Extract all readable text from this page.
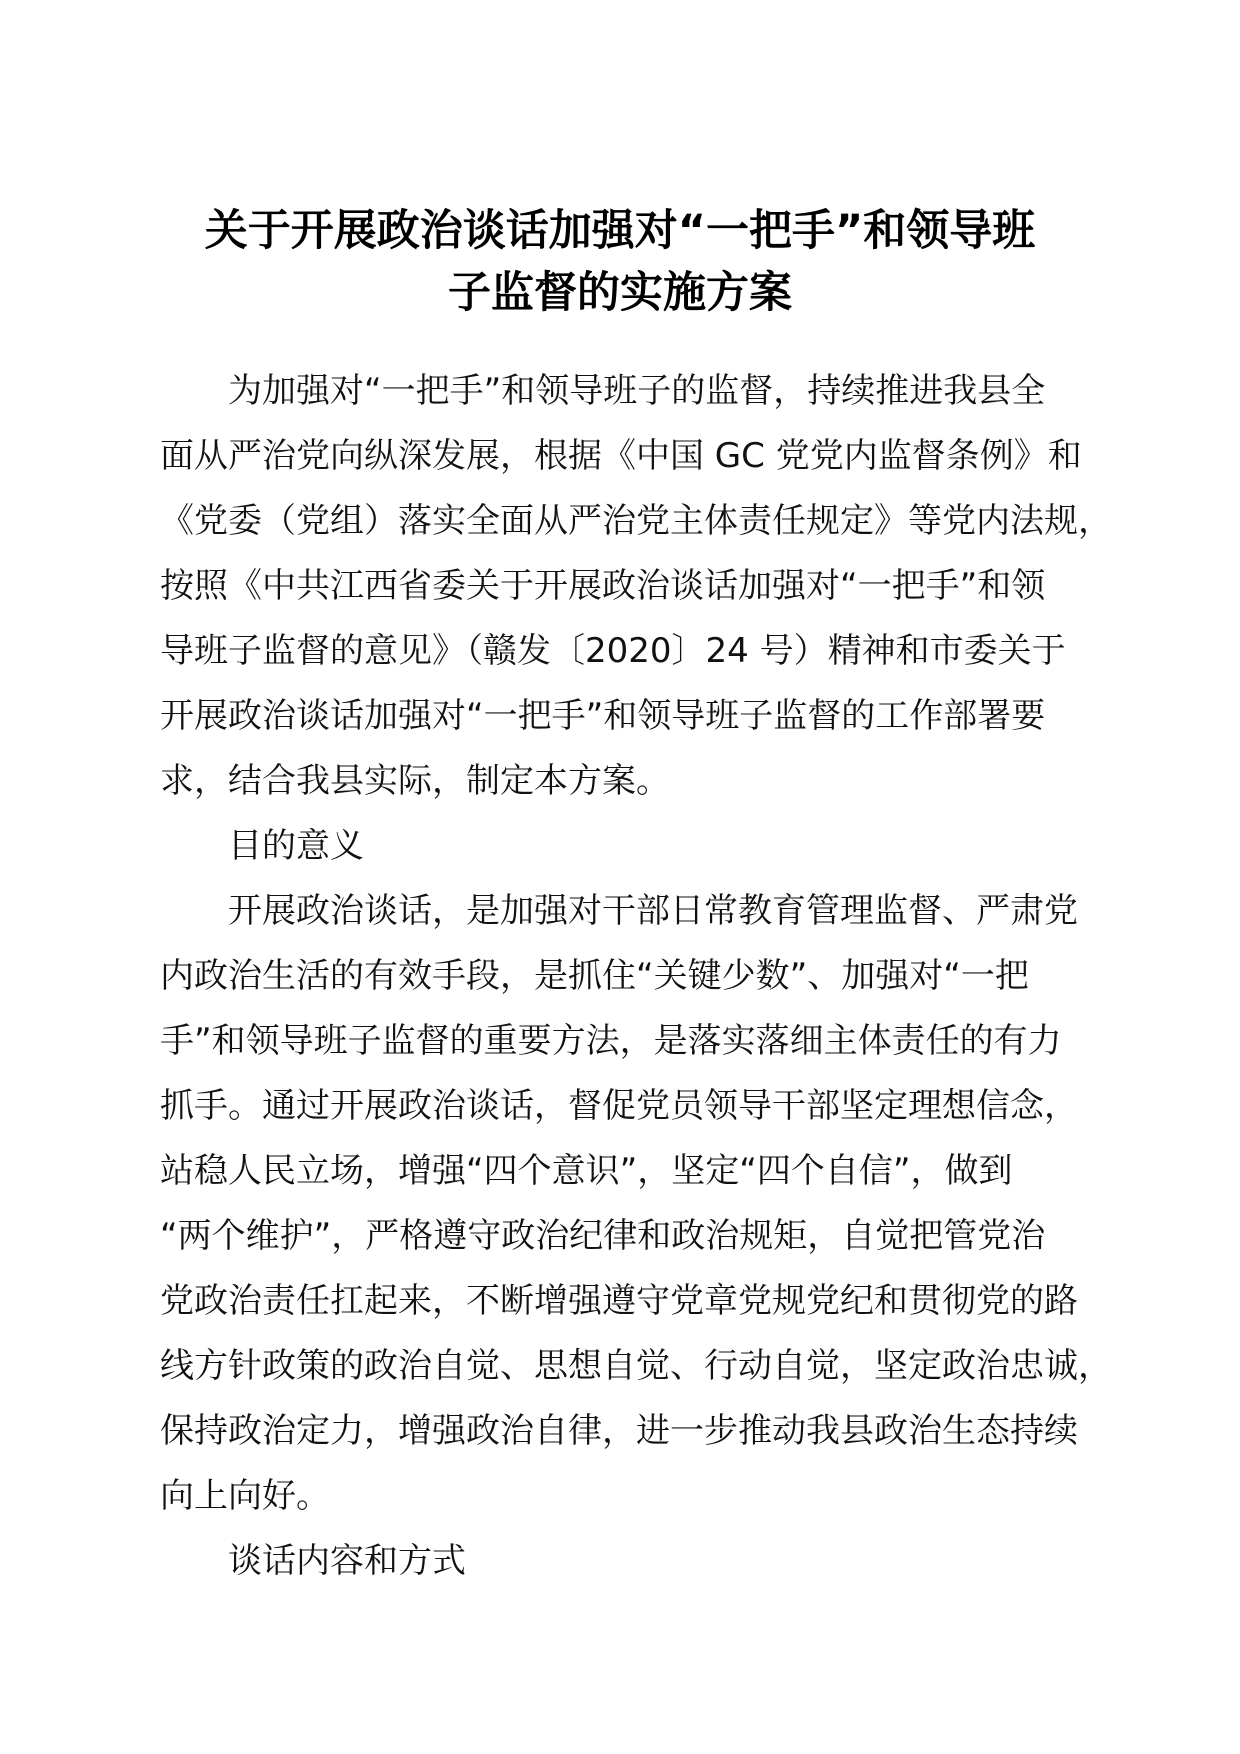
关于开展政治谈话加强对“一把手”和领导班
子监督的实施方案
为加强对“一把手”和领导班子的监督，持续推进我县全
面从严治党向纵深发展，根据《中国 GC 党党内监督条例》和
《党委（党组）落实全面从严治党主体责任规定》等党内法规，
按照《中共江西省委关于开展政治谈话加强对“一把手”和领
导班子监督的意见》（赣发〔2020〕24 号）精神和市委关于
开展政治谈话加强对“一把手”和领导班子监督的工作部署要
求，结合我县实际，制定本方案。
目的意义
开展政治谈话，是加强对干部日常教育管理监督、严肃党
内政治生活的有效手段，是抓住“关键少数”、加强对“一把
手”和领导班子监督的重要方法，是落实落细主体责任的有力
抓手。通过开展政治谈话，督促党员领导干部坚定理想信念，
站稳人民立场，增强“四个意识”，坚定“四个自信”，做到
“两个维护”，严格遵守政治纪律和政治规矩，自觉把管党治
党政治责任扛起来，不断增强遵守党章党规党纪和贯彻党的路
线方针政策的政治自觉、思想自觉、行动自觉，坚定政治忠诚，
保持政治定力，增强政治自律，进一步推动我县政治生态持续
向上向好。
谈话内容和方式
